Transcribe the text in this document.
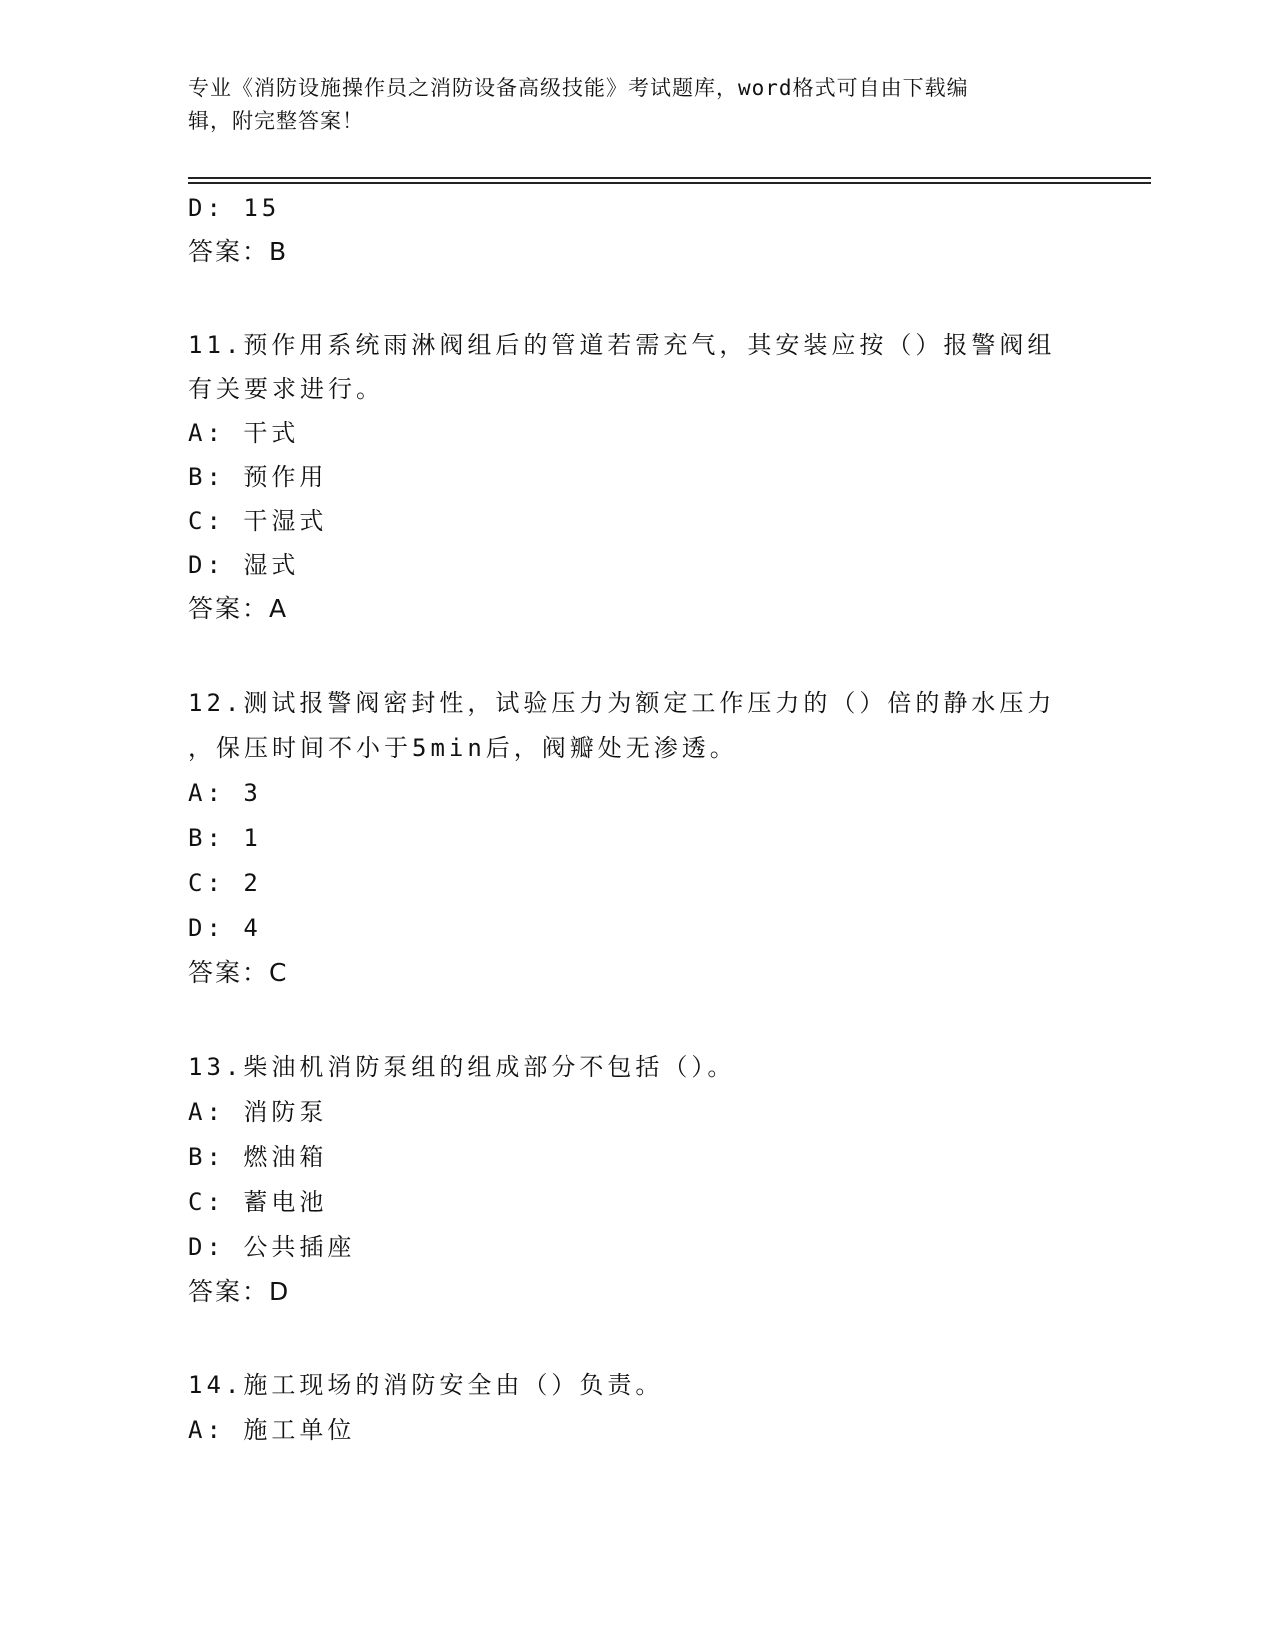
专业《消防设施操作员之消防设备高级技能》考试题库，word格式可自由下载编
辑，附完整答案！
D: 15
答案：B
11.预作用系统雨淋阀组后的管道若需充气，其安装应按（）报警阀组
有关要求进行。
A: 干式
B: 预作用
C: 干湿式
D: 湿式
答案：A
12.测试报警阀密封性，试验压力为额定工作压力的（）倍的静水压力
，保压时间不小于5min后，阀瓣处无渗透。
A: 3
B: 1
C: 2
D: 4
答案：C
13.柴油机消防泵组的组成部分不包括（）。
A: 消防泵
B: 燃油箱
C: 蓄电池
D: 公共插座
答案：D
14.施工现场的消防安全由（）负责。
A: 施工单位
